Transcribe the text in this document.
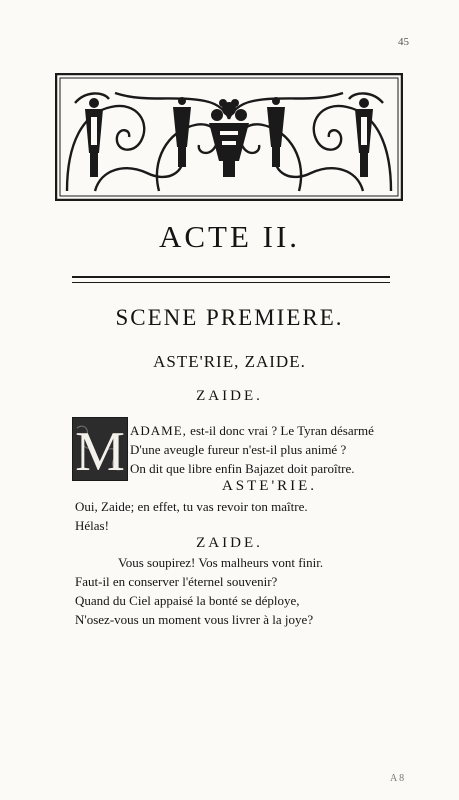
45
ACTE II.
SCENE PREMIERE.
ASTE'RIE, ZAIDE.
ZAIDE.
M ADAME, est-il donc vrai ? Le Tyran désarmé
D'une aveugle fureur n'est-il plus animé ?
On dit que libre enfin Bajazet doit paroître.
ASTE'RIE.
Oui, Zaide; en effet, tu vas revoir ton maître.
Hélas!
ZAIDE.
Vous soupirez! Vos malheurs vont finir.
Faut-il en conserver l'éternel souvenir?
Quand du Ciel appaisé la bonté se déploye,
N'osez-vous un moment vous livrer à la joye?
A 8
